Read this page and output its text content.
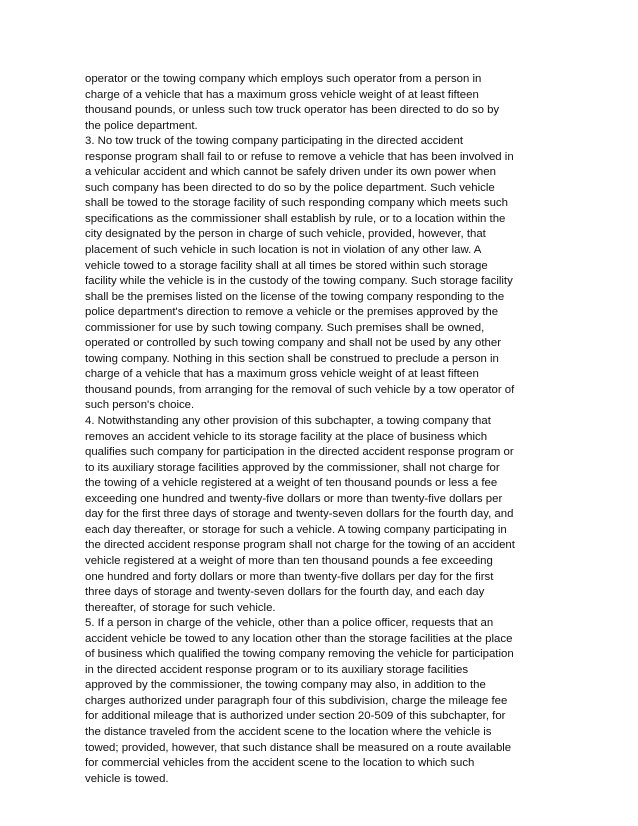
operator or the towing company which employs such operator from a person in
charge of a vehicle that has a maximum gross vehicle weight of at least fifteen
thousand pounds, or unless such tow truck operator has been directed to do so by
the police department.
3. No tow truck of the towing company participating in the directed accident
response program shall fail to or refuse to remove a vehicle that has been involved in
a vehicular accident and which cannot be safely driven under its own power when
such company has been directed to do so by the police department. Such vehicle
shall be towed to the storage facility of such responding company which meets such
specifications as the commissioner shall establish by rule, or to a location within the
city designated by the person in charge of such vehicle, provided, however, that
placement of such vehicle in such location is not in violation of any other law. A
vehicle towed to a storage facility shall at all times be stored within such storage
facility while the vehicle is in the custody of the towing company. Such storage facility
shall be the premises listed on the license of the towing company responding to the
police department's direction to remove a vehicle or the premises approved by the
commissioner for use by such towing company. Such premises shall be owned,
operated or controlled by such towing company and shall not be used by any other
towing company. Nothing in this section shall be construed to preclude a person in
charge of a vehicle that has a maximum gross vehicle weight of at least fifteen
thousand pounds, from arranging for the removal of such vehicle by a tow operator of
such person's choice.
4. Notwithstanding any other provision of this subchapter, a towing company that
removes an accident vehicle to its storage facility at the place of business which
qualifies such company for participation in the directed accident response program or
to its auxiliary storage facilities approved by the commissioner, shall not charge for
the towing of a vehicle registered at a weight of ten thousand pounds or less a fee
exceeding one hundred and twenty-five dollars or more than twenty-five dollars per
day for the first three days of storage and twenty-seven dollars for the fourth day, and
each day thereafter, or storage for such a vehicle. A towing company participating in
the directed accident response program shall not charge for the towing of an accident
vehicle registered at a weight of more than ten thousand pounds a fee exceeding
one hundred and forty dollars or more than twenty-five dollars per day for the first
three days of storage and twenty-seven dollars for the fourth day, and each day
thereafter, of storage for such vehicle.
5. If a person in charge of the vehicle, other than a police officer, requests that an
accident vehicle be towed to any location other than the storage facilities at the place
of business which qualified the towing company removing the vehicle for participation
in the directed accident response program or to its auxiliary storage facilities
approved by the commissioner, the towing company may also, in addition to the
charges authorized under paragraph four of this subdivision, charge the mileage fee
for additional mileage that is authorized under section 20-509 of this subchapter, for
the distance traveled from the accident scene to the location where the vehicle is
towed; provided, however, that such distance shall be measured on a route available
for commercial vehicles from the accident scene to the location to which such
vehicle is towed.
